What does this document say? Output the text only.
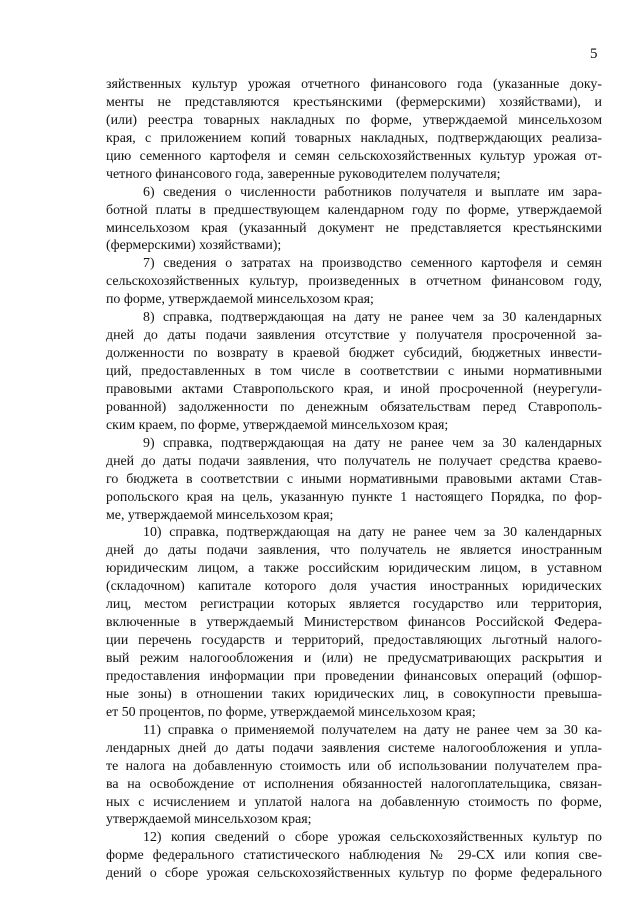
5
зяйственных культур урожая отчетного финансового года (указанные доку-
менты не представляются крестьянскими (фермерскими) хозяйствами), и
(или) реестра товарных накладных по форме, утверждаемой минсельхозом
края, с приложением копий товарных накладных, подтверждающих реализа-
цию семенного картофеля и семян сельскохозяйственных культур урожая от-
четного финансового года, заверенные руководителем получателя;
6) сведения о численности работников получателя и выплате им зара-
ботной платы в предшествующем календарном году по форме, утверждаемой
минсельхозом края (указанный документ не представляется крестьянскими
(фермерскими) хозяйствами);
7) сведения о затратах на производство семенного картофеля и семян
сельскохозяйственных культур, произведенных в отчетном финансовом году,
по форме, утверждаемой минсельхозом края;
8) справка, подтверждающая на дату не ранее чем за 30 календарных
дней до даты подачи заявления отсутствие у получателя просроченной за-
долженности по возврату в краевой бюджет субсидий, бюджетных инвести-
ций, предоставленных в том числе в соответствии с иными нормативными
правовыми актами Ставропольского края, и иной просроченной (неурегули-
рованной) задолженности по денежным обязательствам перед Ставрополь-
ским краем, по форме, утверждаемой минсельхозом края;
9) справка, подтверждающая на дату не ранее чем за 30 календарных
дней до даты подачи заявления, что получатель не получает средства краево-
го бюджета в соответствии с иными нормативными правовыми актами Став-
ропольского края на цель, указанную пункте 1 настоящего Порядка, по фор-
ме, утверждаемой минсельхозом края;
10) справка, подтверждающая на дату не ранее чем за 30 календарных
дней до даты подачи заявления, что получатель не является иностранным
юридическим лицом, а также российским юридическим лицом, в уставном
(складочном) капитале которого доля участия иностранных юридических
лиц, местом регистрации которых является государство или территория,
включенные в утверждаемый Министерством финансов Российской Федера-
ции перечень государств и территорий, предоставляющих льготный налого-
вый режим налогообложения и (или) не предусматривающих раскрытия и
предоставления информации при проведении финансовых операций (офшор-
ные зоны) в отношении таких юридических лиц, в совокупности превыша-
ет 50 процентов, по форме, утверждаемой минсельхозом края;
11) справка о применяемой получателем на дату не ранее чем за 30 ка-
лендарных дней до даты подачи заявления системе налогообложения и упла-
те налога на добавленную стоимость или об использовании получателем пра-
ва на освобождение от исполнения обязанностей налогоплательщика, связан-
ных с исчислением и уплатой налога на добавленную стоимость по форме,
утверждаемой минсельхозом края;
12) копия сведений о сборе урожая сельскохозяйственных культур по
форме федерального статистического наблюдения № 29-СХ или копия све-
дений о сборе урожая сельскохозяйственных культур по форме федерального
